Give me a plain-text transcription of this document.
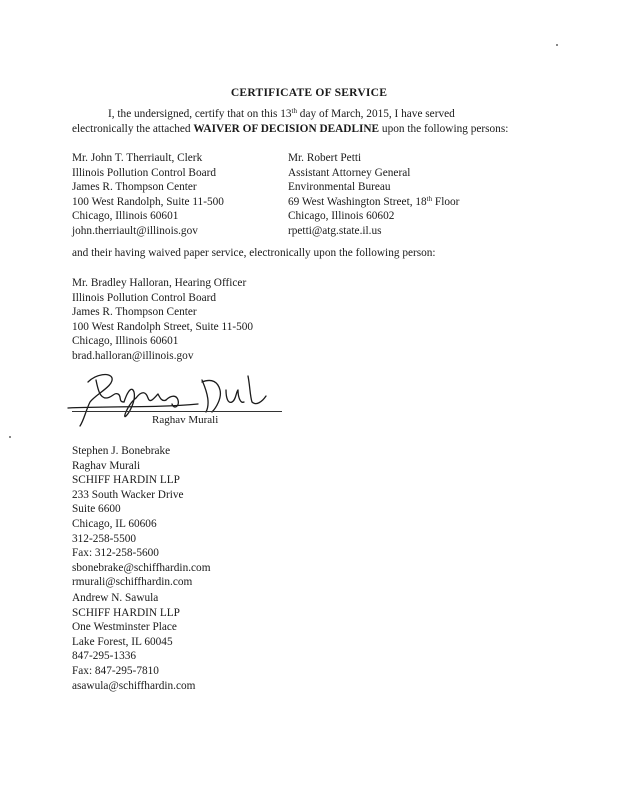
CERTIFICATE OF SERVICE
I, the undersigned, certify that on this 13th day of March, 2015, I have served
electronically the attached WAIVER OF DECISION DEADLINE upon the following persons:
Mr. John T. Therriault, Clerk
Illinois Pollution Control Board
James R. Thompson Center
100 West Randolph, Suite 11-500
Chicago, Illinois 60601
john.therriault@illinois.gov
Mr. Robert Petti
Assistant Attorney General
Environmental Bureau
69 West Washington Street, 18th Floor
Chicago, Illinois 60602
rpetti@atg.state.il.us
and their having waived paper service, electronically upon the following person:
Mr. Bradley Halloran, Hearing Officer
Illinois Pollution Control Board
James R. Thompson Center
100 West Randolph Street, Suite 11-500
Chicago, Illinois 60601
brad.halloran@illinois.gov
Raghav Murali
Stephen J. Bonebrake
Raghav Murali
SCHIFF HARDIN LLP
233 South Wacker Drive
Suite 6600
Chicago, IL 60606
312-258-5500
Fax: 312-258-5600
sbonebrake@schiffhardin.com
rmurali@schiffhardin.com
Andrew N. Sawula
SCHIFF HARDIN LLP
One Westminster Place
Lake Forest, IL 60045
847-295-1336
Fax: 847-295-7810
asawula@schiffhardin.com
